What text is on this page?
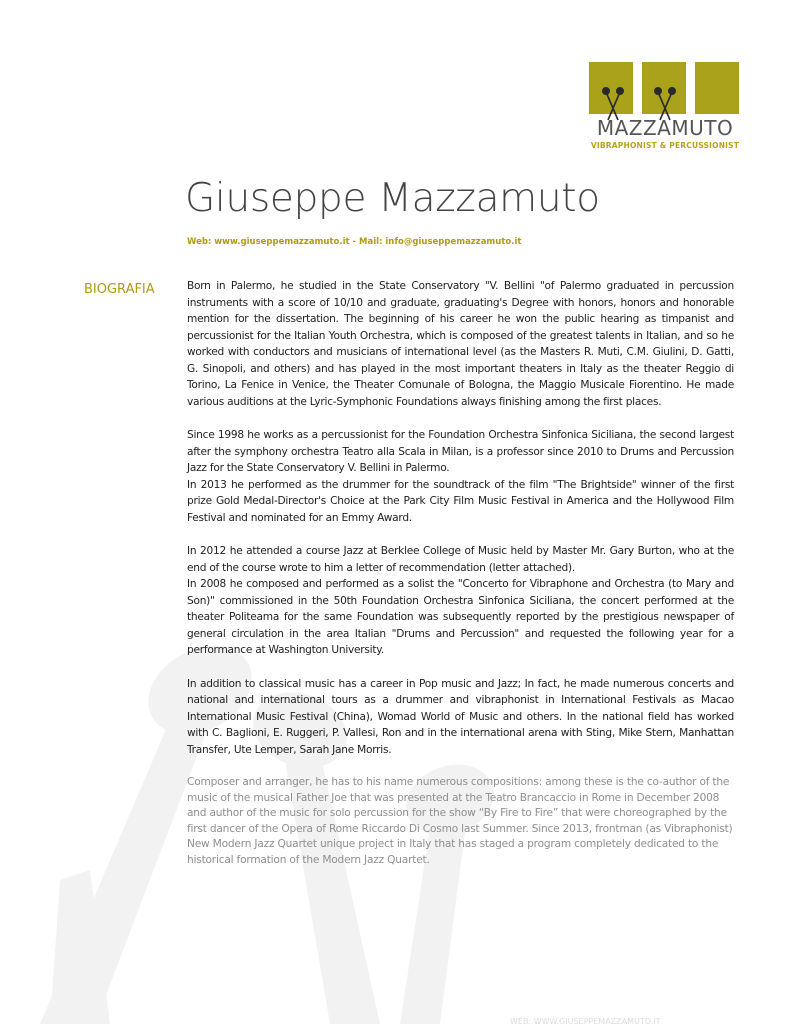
MAZZAMUTO
VIBRAPHONIST & PERCUSSIONIST
Giuseppe Mazzamuto
Web: www.giuseppemazzamuto.it - Mail: info@giuseppemazzamuto.it
BIOGRAFIA	Born in Palermo, he studied in the State Conservatory "V. Bellini "of Palermo graduated in percussion instruments with a score of 10/10 and graduate, graduating's Degree with honors, honors and honorable mention for the dissertation. The beginning of his career he won the public hearing as timpanist and percussionist for the Italian Youth Orchestra, which is composed of the greatest talents in Italian, and so he worked with conductors and musicians of international level (as the Masters R. Muti, C.M. Giulini, D. Gatti, G. Sinopoli, and others) and has played in the most important theaters in Italy as the theater Reggio di Torino, La Fenice in Venice, the Theater Comunale of Bologna, the Maggio Musicale Fiorentino. He made various auditions at the Lyric-Symphonic Foundations always finishing among the first places.

Since 1998 he works as a percussionist for the Foundation Orchestra Sinfonica Siciliana, the second largest after the symphony orchestra Teatro alla Scala in Milan, is a professor since 2010 to Drums and Percussion Jazz for the State Conservatory V. Bellini in Palermo.

In 2013 he performed as the drummer for the soundtrack of the film "The Brightside" winner of the first prize Gold Medal-Director's Choice at the Park City Film Music Festival in America and the Hollywood Film Festival and nominated for an Emmy Award.

In 2012 he attended a course Jazz at Berklee College of Music held by Master Mr. Gary Burton, who at the end of the course wrote to him a letter of recommendation (letter attached).

In 2008 he composed and performed as a solist the "Concerto for Vibraphone and Orchestra (to Mary and Son)" commissioned in the 50th Foundation Orchestra Sinfonica Siciliana, the concert performed at the theater Politeama for the same Foundation was subsequently reported by the prestigious newspaper of general circulation in the area Italian "Drums and Percussion" and requested the following year for a performance at Washington University.

In addition to classical music has a career in Pop music and Jazz; In fact, he made numerous concerts and national and international tours as a drummer and vibraphonist in International Festivals as Macao International Music Festival (China), Womad World of Music and others. In the national field has worked with C. Baglioni, E. Ruggeri, P. Vallesi, Ron and in the international arena with Sting, Mike Stern, Manhattan Transfer, Ute Lemper, Sarah Jane Morris.

Composer and arranger, he has to his name numerous compositions: among these is the co-author of the music of the musical Father Joe that was presented at the Teatro Brancaccio in Rome in December 2008 and author of the music for solo percussion for the show “By Fire to Fire” that were choreographed by the first dancer of the Opera of Rome Riccardo Di Cosmo last Summer. Since 2013, frontman (as Vibraphonist) New Modern Jazz Quartet unique project in Italy that has staged a program completely dedicated to the historical formation of the Modern Jazz Quartet.

WEB: WWW.GIUSEPPEMAZZAMUTO.IT
